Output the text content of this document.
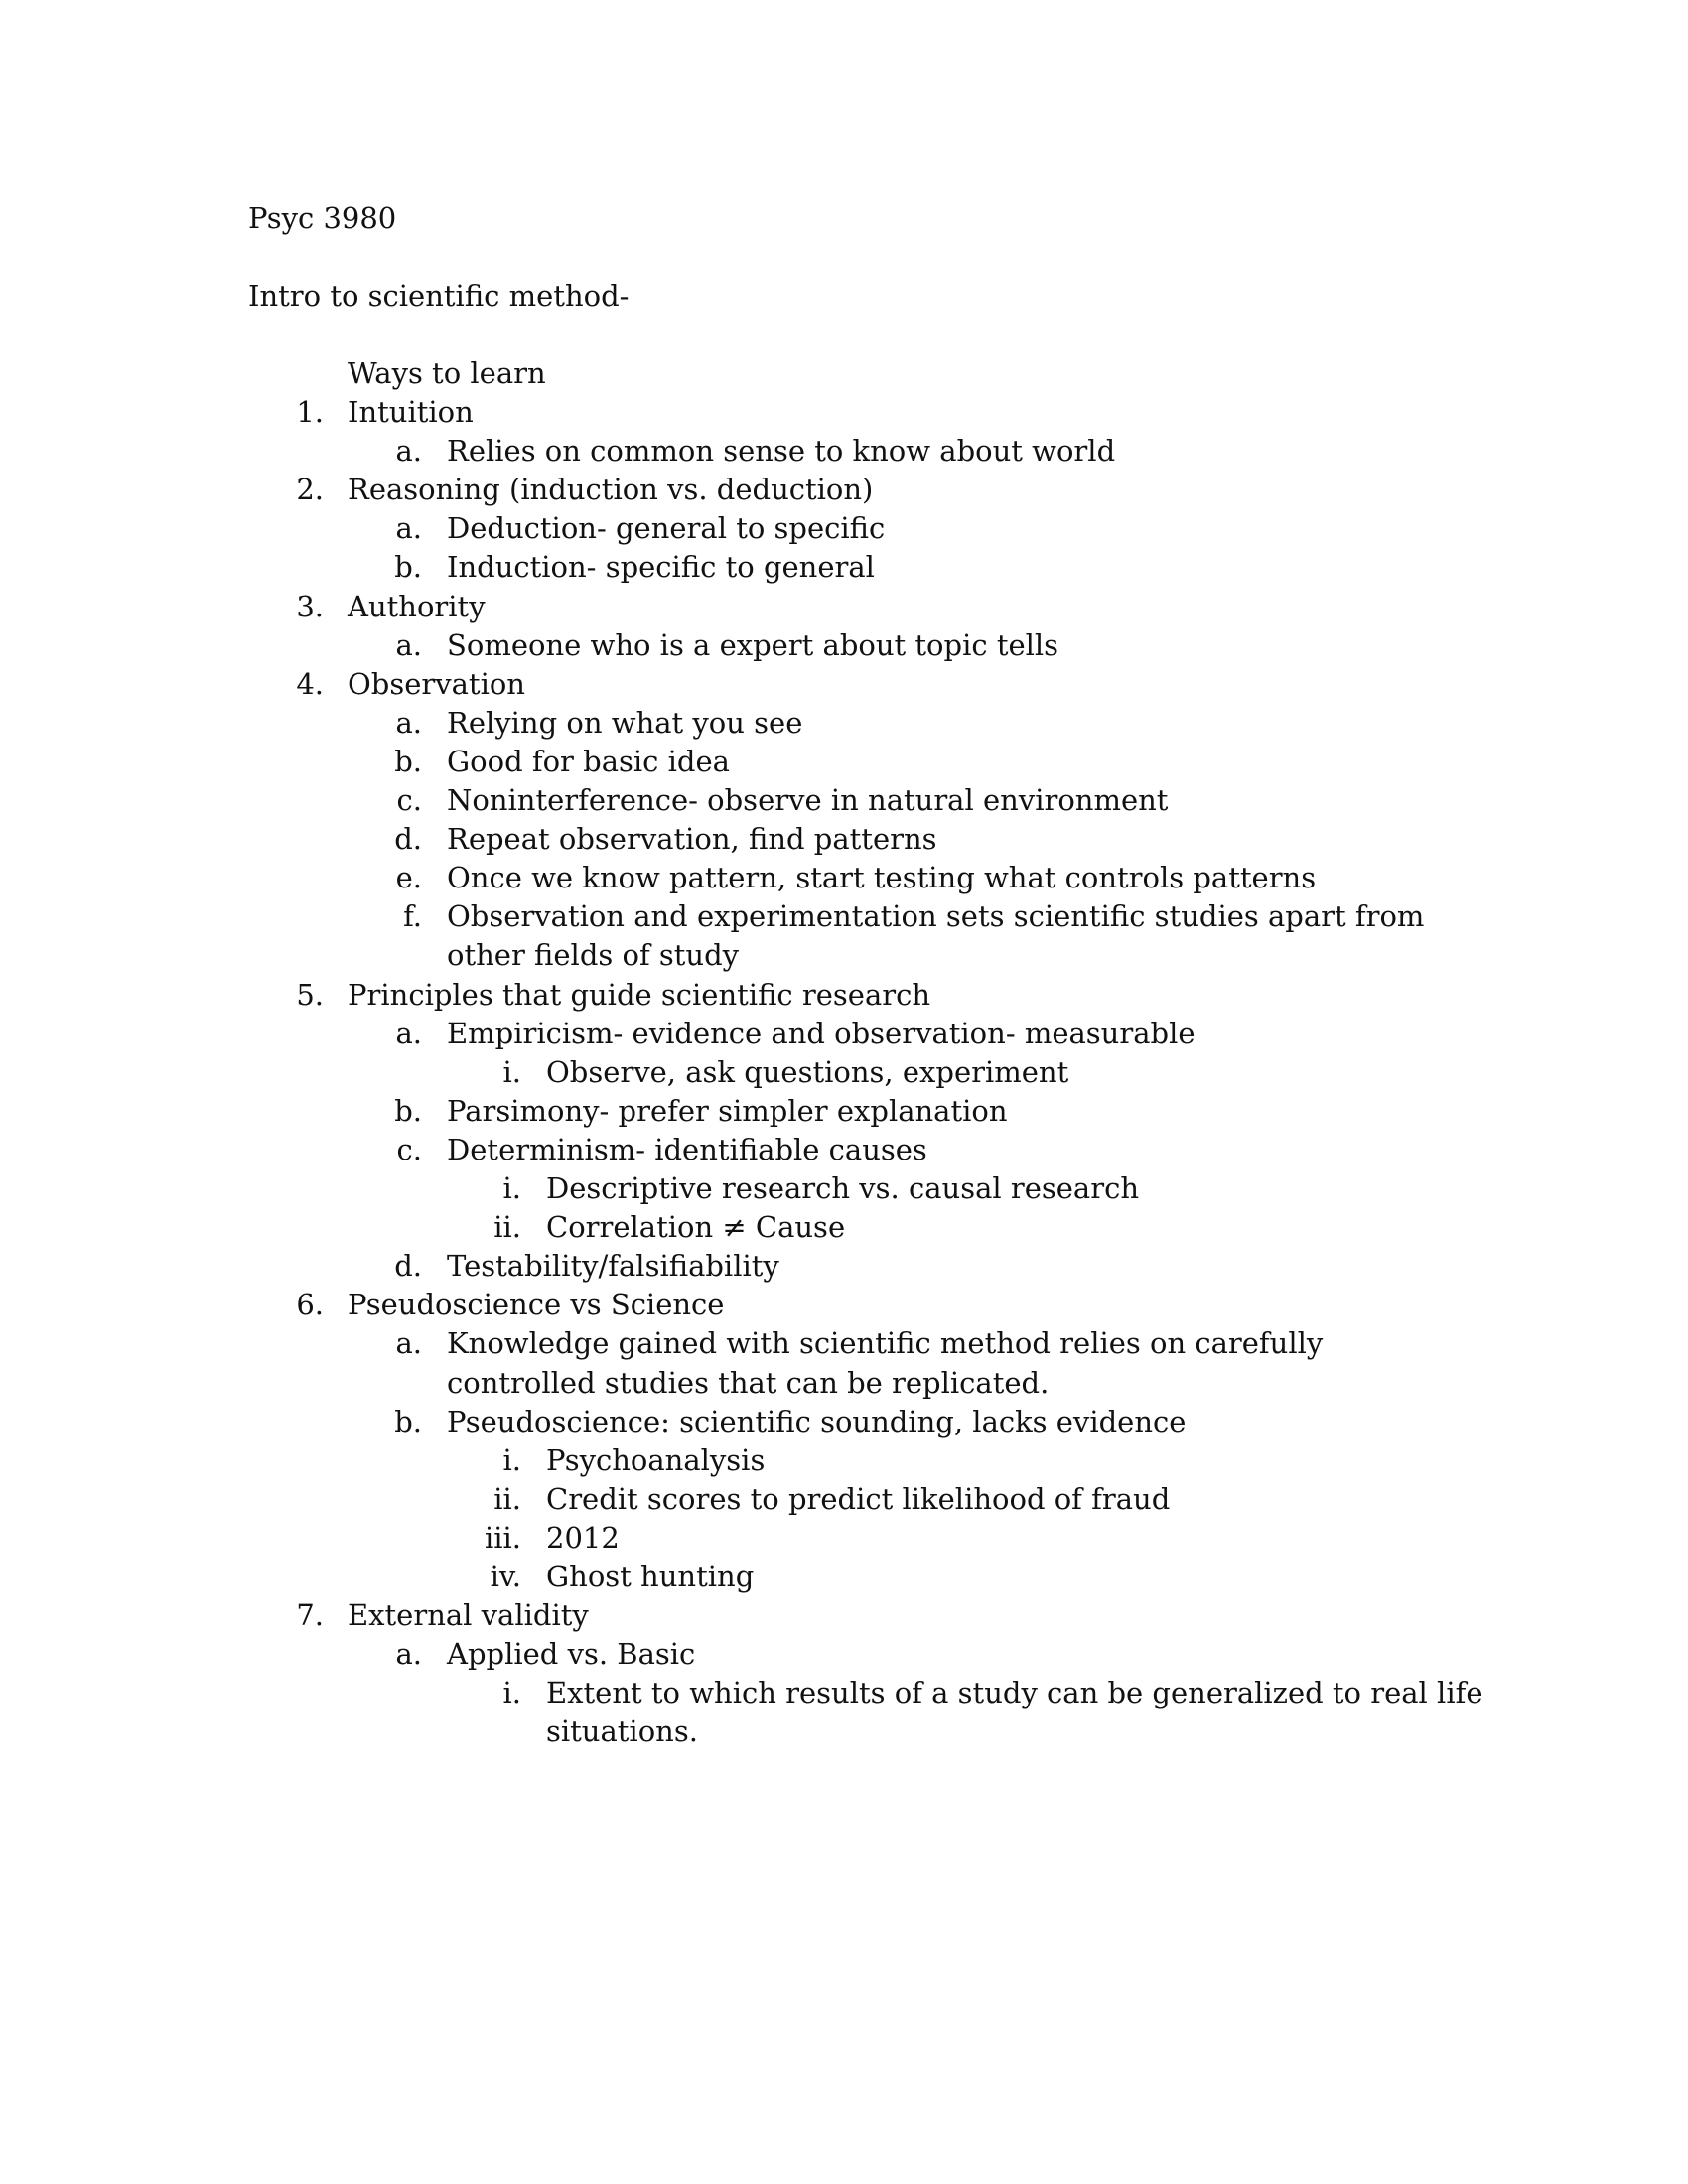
Psyc 3980
Intro to scientific method-
Ways to learn
1. Intuition
a. Relies on common sense to know about world
2. Reasoning (induction vs. deduction)
a. Deduction- general to specific
b. Induction- specific to general
3. Authority
a. Someone who is a expert about topic tells
4. Observation
a. Relying on what you see
b. Good for basic idea
c. Noninterference- observe in natural environment
d. Repeat observation, find patterns
e. Once we know pattern, start testing what controls patterns
f. Observation and experimentation sets scientific studies apart from
other fields of study
5. Principles that guide scientific research
a. Empiricism- evidence and observation- measurable
i. Observe, ask questions, experiment
b. Parsimony- prefer simpler explanation
c. Determinism- identifiable causes
i. Descriptive research vs. causal research
ii. Correlation ≠ Cause
d. Testability/falsifiability
6. Pseudoscience vs Science
a. Knowledge gained with scientific method relies on carefully
controlled studies that can be replicated.
b. Pseudoscience: scientific sounding, lacks evidence
i. Psychoanalysis
ii. Credit scores to predict likelihood of fraud
iii. 2012
iv. Ghost hunting
7. External validity
a. Applied vs. Basic
i. Extent to which results of a study can be generalized to real life
situations.
